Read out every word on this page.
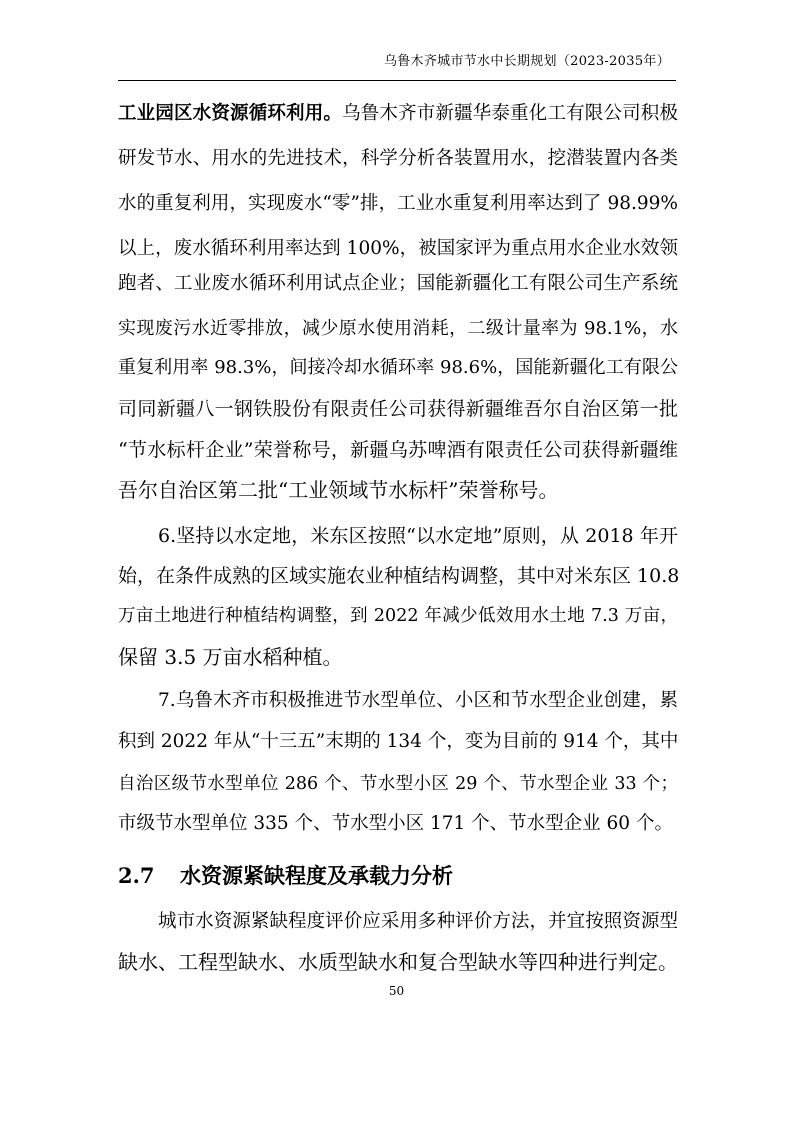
乌鲁木齐城市节水中长期规划（2023-2035年）
工业园区水资源循环利用。乌鲁木齐市新疆华泰重化工有限公司积极
研发节水、用水的先进技术，科学分析各装置用水，挖潜装置内各类
水的重复利用，实现废水“零”排，工业水重复利用率达到了 98.99%
以上，废水循环利用率达到 100%，被国家评为重点用水企业水效领
跑者、工业废水循环利用试点企业；国能新疆化工有限公司生产系统
实现废污水近零排放，减少原水使用消耗，二级计量率为 98.1%，水
重复利用率 98.3%，间接冷却水循环率 98.6%，国能新疆化工有限公
司同新疆八一钢铁股份有限责任公司获得新疆维吾尔自治区第一批
“节水标杆企业”荣誉称号，新疆乌苏啤酒有限责任公司获得新疆维
吾尔自治区第二批“工业领域节水标杆”荣誉称号。
6.坚持以水定地，米东区按照“以水定地”原则，从 2018 年开
始，在条件成熟的区域实施农业种植结构调整，其中对米东区 10.8
万亩土地进行种植结构调整，到 2022 年减少低效用水土地 7.3 万亩，
保留 3.5 万亩水稻种植。
7.乌鲁木齐市积极推进节水型单位、小区和节水型企业创建，累
积到 2022 年从“十三五”末期的 134 个，变为目前的 914 个，其中
自治区级节水型单位 286 个、节水型小区 29 个、节水型企业 33 个；
市级节水型单位 335 个、节水型小区 171 个、节水型企业 60 个。
2.7 水资源紧缺程度及承载力分析
城市水资源紧缺程度评价应采用多种评价方法，并宜按照资源型
缺水、工程型缺水、水质型缺水和复合型缺水等四种进行判定。
50
